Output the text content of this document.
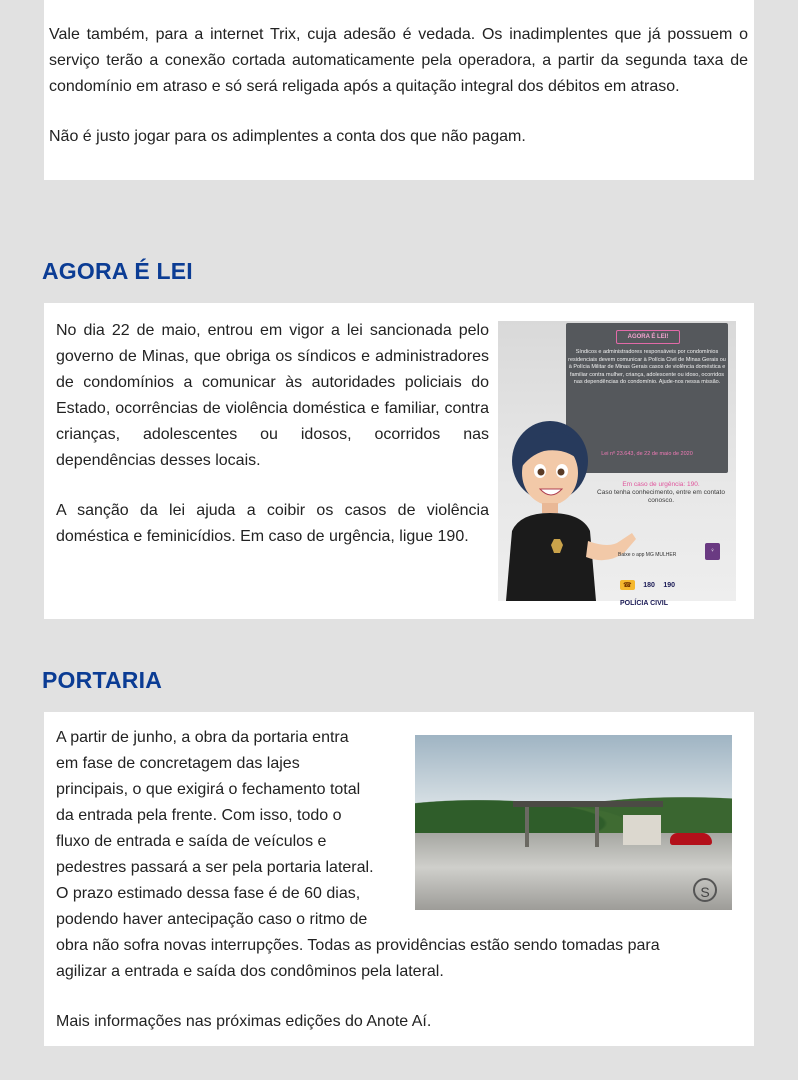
Vale também, para a internet Trix, cuja adesão é vedada. Os inadimplentes que já possuem o serviço terão a conexão cortada automaticamente pela operadora, a partir da segunda taxa de condomínio em atraso e só será religada após a quitação integral dos débitos em atraso.

Não é justo jogar para os adimplentes a conta dos que não pagam.

AGORA É LEI

No dia 22 de maio, entrou em vigor a lei sancionada pelo governo de Minas, que obriga os síndicos e administradores de condomínios a comunicar às autoridades policiais do Estado, ocorrências de violência doméstica e familiar, contra crianças, adolescentes ou idosos, ocorridos nas dependências desses locais.

A sanção da lei ajuda a coibir os casos de violência doméstica e feminicídios. Em caso de urgência, ligue 190.

AGORA É LEI!
Síndicos e administradores responsáveis por condomínios residenciais devem comunicar à Polícia Civil de Minas Gerais ou à Polícia Militar de Minas Gerais casos de violência doméstica e familiar contra mulher, criança, adolescente ou idoso, ocorridos nas dependências do condomínio. Ajude-nos nessa missão.
Lei nº 23.643, de 22 de maio de 2020
Em caso de urgência: 190.
Caso tenha conhecimento, entre em contato conosco.
Baixe o app MG MULHER
♀
☎ 180 190 POLÍCIA CIVIL
PORTARIA

A partir de junho, a obra da portaria entra

em fase de concretagem das lajes

principais, o que exigirá o fechamento total

da entrada pela frente. Com isso, todo o

fluxo de entrada e saída de veículos e

pedestres passará a ser pela portaria lateral.

O prazo estimado dessa fase é de 60 dias,

podendo haver antecipação caso o ritmo de

obra não sofra novas interrupções. Todas as providências estão sendo tomadas para

agilizar a entrada e saída dos condôminos pela lateral.

Mais informações nas próximas edições do Anote Aí.

S
